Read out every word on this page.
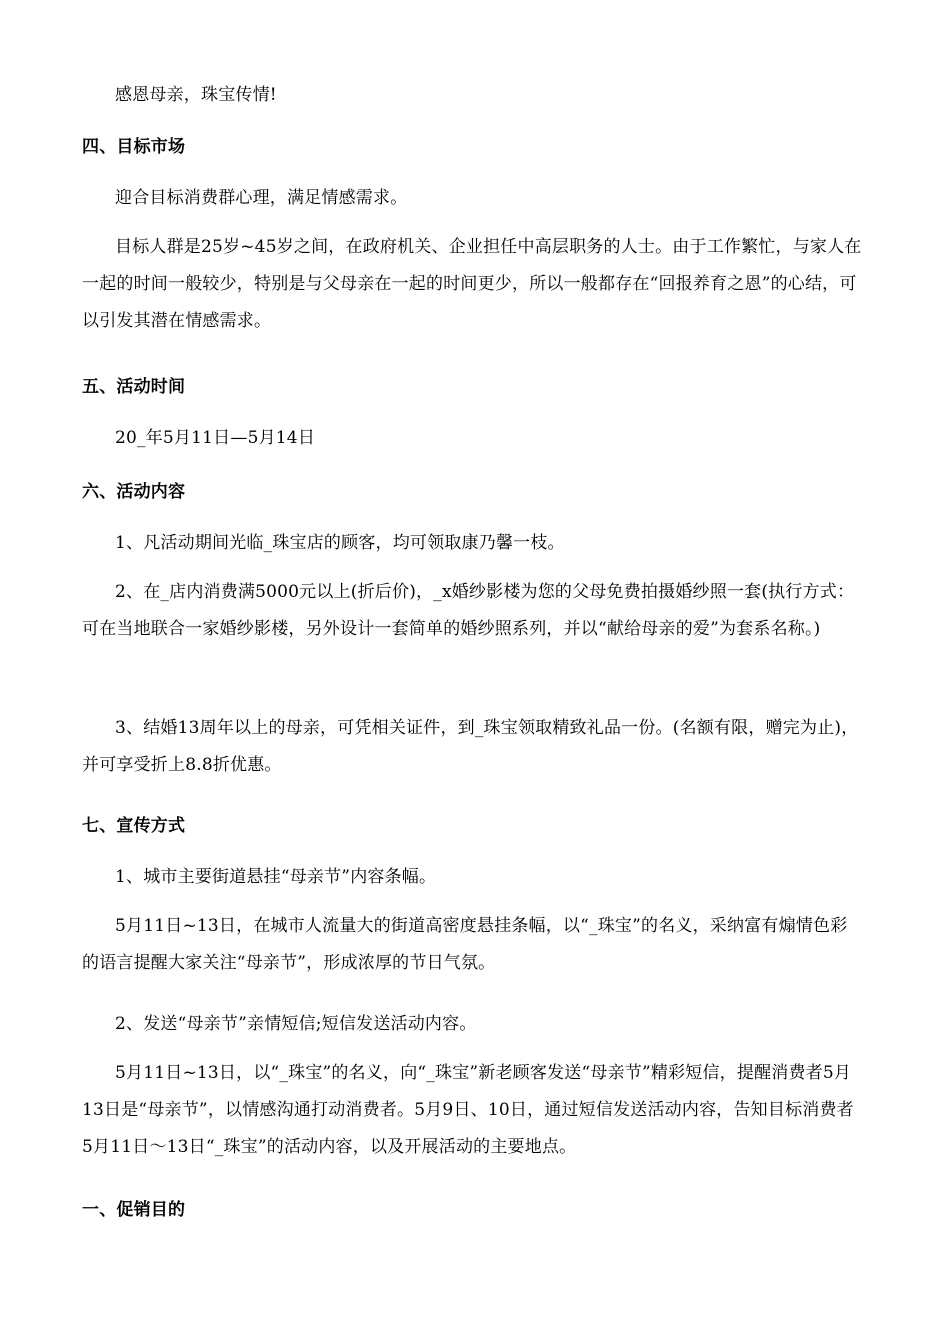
感恩母亲，珠宝传情!
四、目标市场
迎合目标消费群心理，满足情感需求。
目标人群是25岁~45岁之间，在政府机关、企业担任中高层职务的人士。由于工作繁忙，与家人在一起的时间一般较少，特别是与父母亲在一起的时间更少，所以一般都存在“回报养育之恩”的心结，可以引发其潜在情感需求。
五、活动时间
20_年5月11日—5月14日
六、活动内容
1、凡活动期间光临_珠宝店的顾客，均可领取康乃馨一枝。
2、在_店内消费满5000元以上(折后价)，_x婚纱影楼为您的父母免费拍摄婚纱照一套(执行方式：可在当地联合一家婚纱影楼，另外设计一套简单的婚纱照系列，并以“献给母亲的爱”为套系名称。)
3、结婚13周年以上的母亲，可凭相关证件，到_珠宝领取精致礼品一份。(名额有限，赠完为止)，并可享受折上8.8折优惠。
七、宣传方式
1、城市主要街道悬挂“母亲节”内容条幅。
5月11日~13日，在城市人流量大的街道高密度悬挂条幅，以“_珠宝”的名义，采纳富有煽情色彩的语言提醒大家关注“母亲节”，形成浓厚的节日气氛。
2、发送“母亲节”亲情短信;短信发送活动内容。
5月11日~13日，以“_珠宝”的名义，向“_珠宝”新老顾客发送“母亲节”精彩短信，提醒消费者5月13日是“母亲节”，以情感沟通打动消费者。5月9日、10日，通过短信发送活动内容，告知目标消费者5月11日～13日“_珠宝”的活动内容，以及开展活动的主要地点。
一、促销目的
